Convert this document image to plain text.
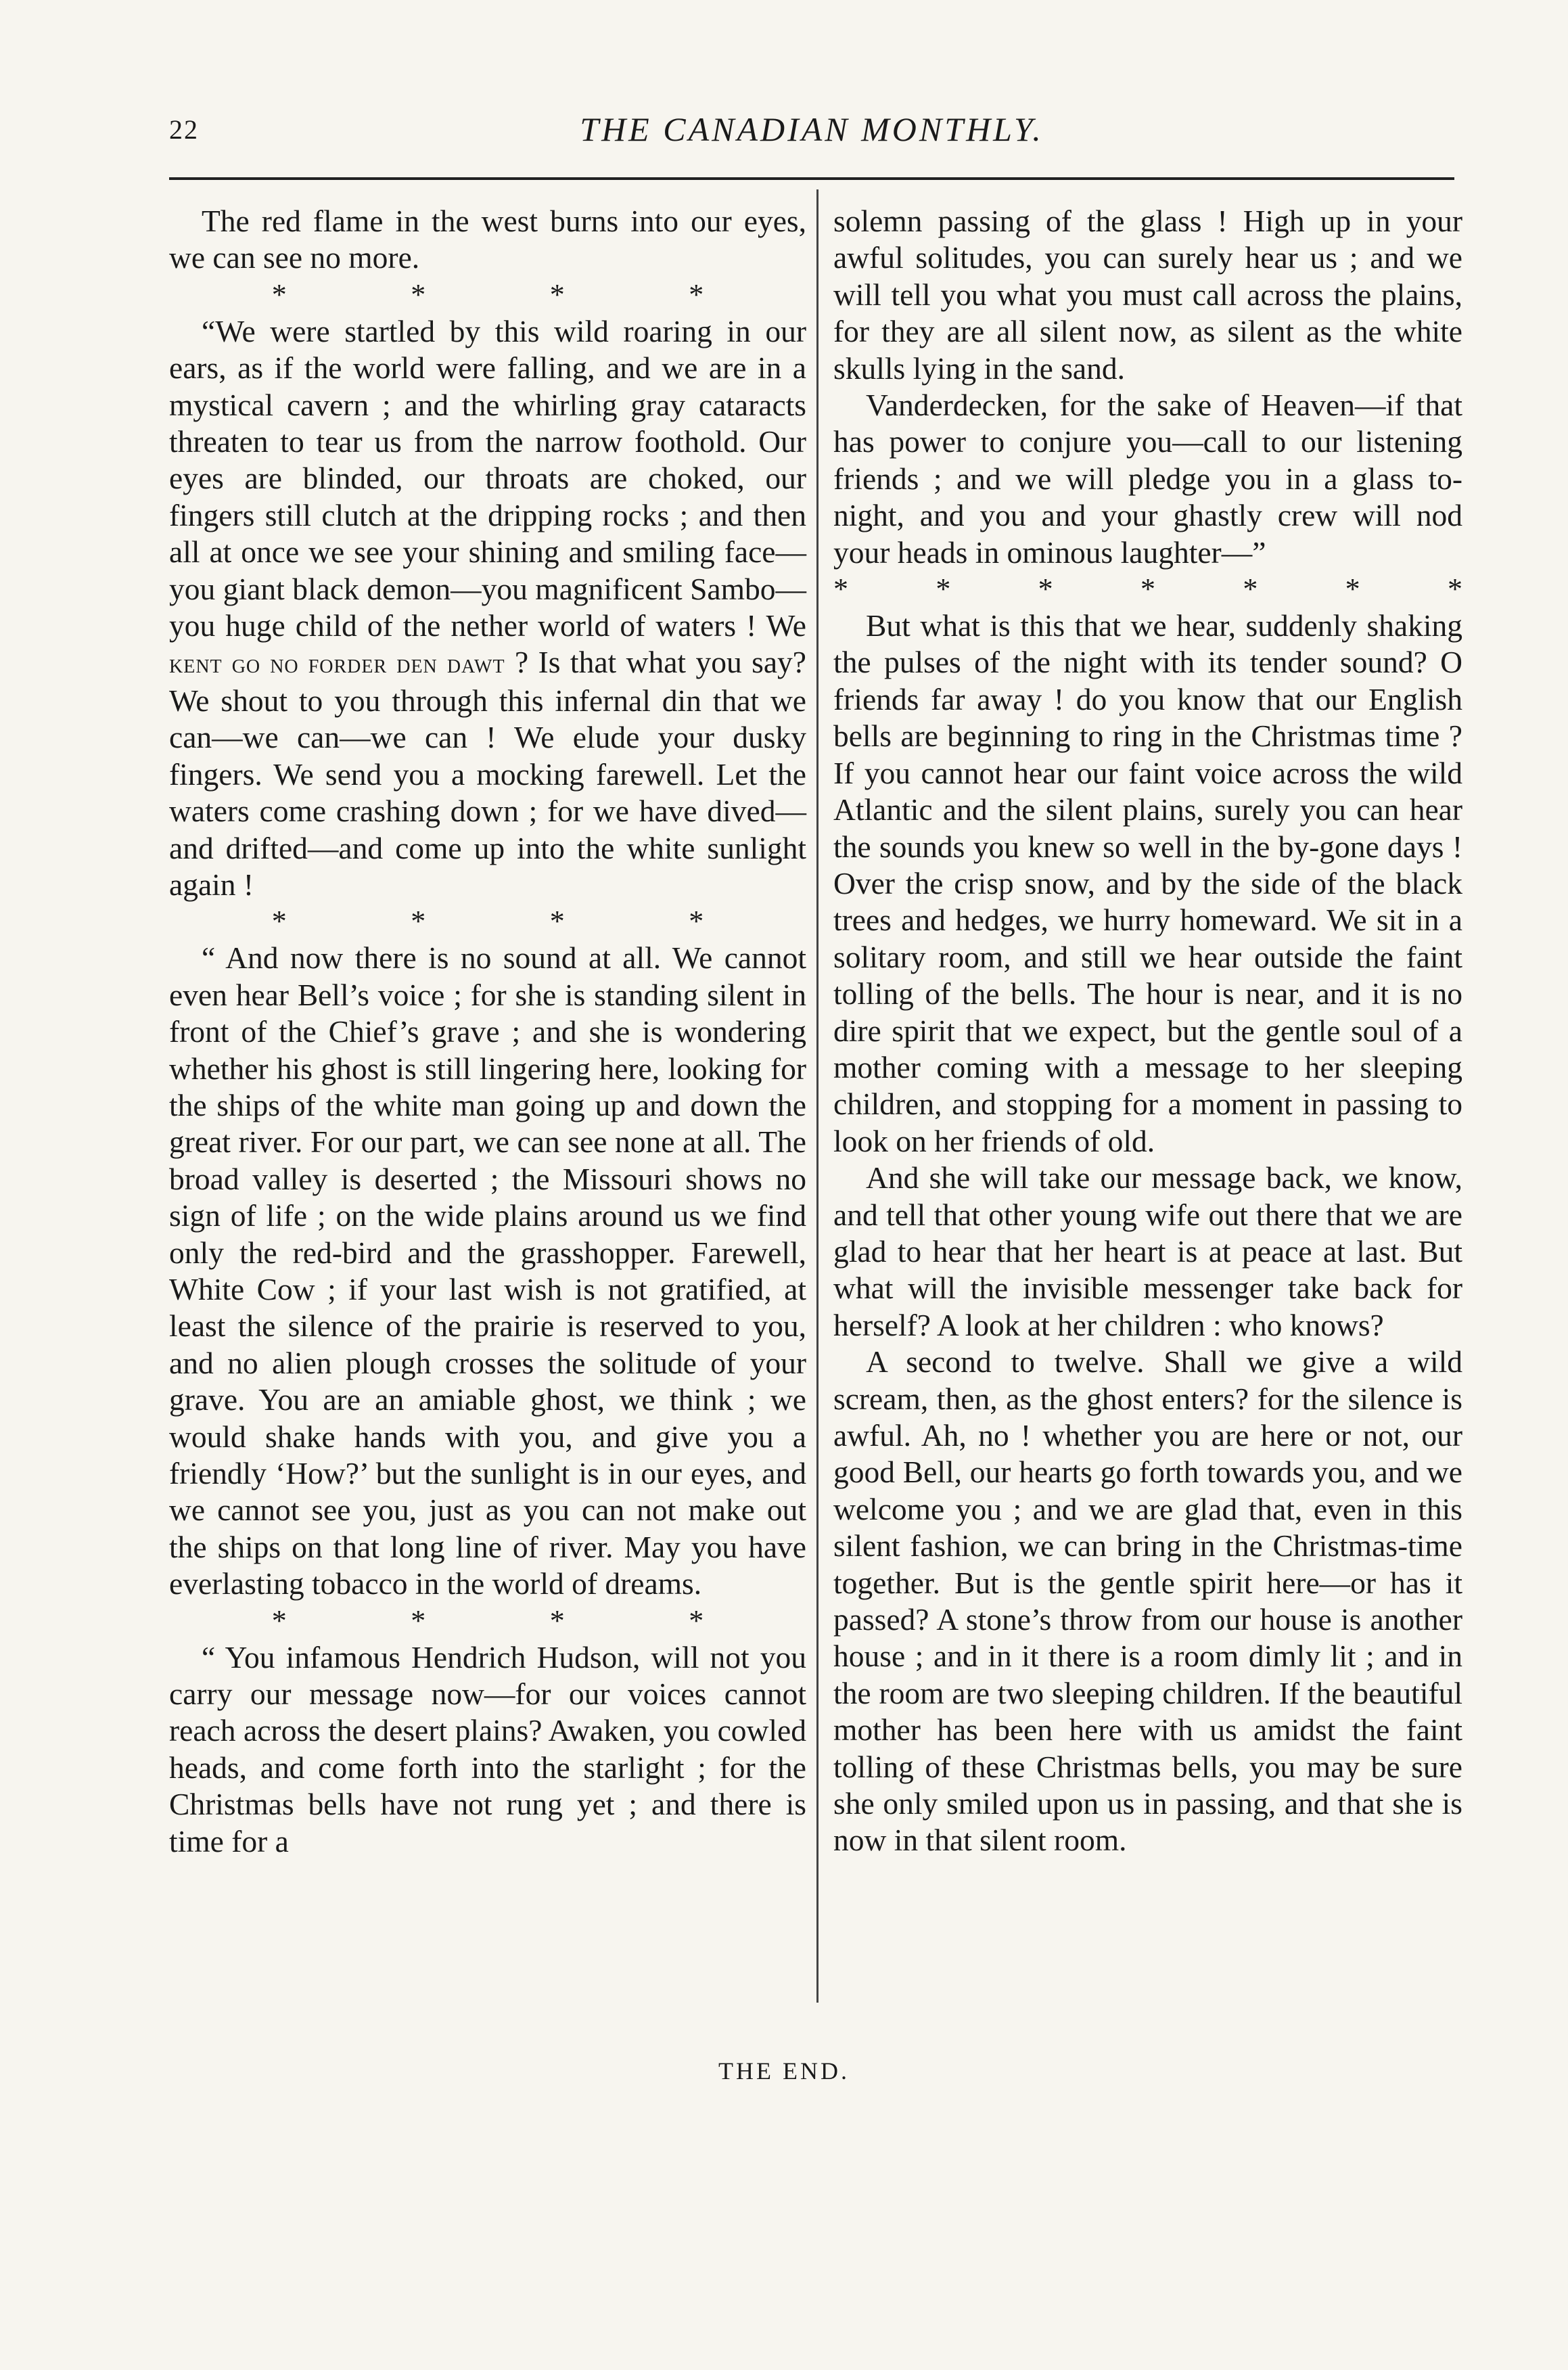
22	THE CANADIAN MONTHLY.

The red flame in the west burns into our eyes, we can see no more.

*	*	*	*

“We were startled by this wild roaring in our ears, as if the world were falling, and we are in a mystical cavern ; and the whirling gray cataracts threaten to tear us from the narrow foothold. Our eyes are blinded, our throats are choked, our fingers still clutch at the dripping rocks ; and then all at once we see your shining and smiling face—you giant black demon—you magnificent Sambo—you huge child of the nether world of waters ! We kent go no forder den dawt ? Is that what you say? We shout to you through this infernal din that we can—we can—we can ! We elude your dusky fingers. We send you a mocking farewell. Let the waters come crashing down ; for we have dived—and drifted—and come up into the white sunlight again !

*	*	*	*

“ And now there is no sound at all. We cannot even hear Bell’s voice ; for she is standing silent in front of the Chief’s grave ; and she is wondering whether his ghost is still lingering here, looking for the ships of the white man going up and down the great river. For our part, we can see none at all. The broad valley is deserted ; the Missouri shows no sign of life ; on the wide plains around us we find only the red-bird and the grasshopper. Farewell, White Cow ; if your last wish is not gratified, at least the silence of the prairie is reserved to you, and no alien plough crosses the solitude of your grave. You are an amiable ghost, we think ; we would shake hands with you, and give you a friendly ‘How?’ but the sunlight is in our eyes, and we cannot see you, just as you can not make out the ships on that long line of river. May you have everlasting tobacco in the world of dreams.

*	*	*	*

“ You infamous Hendrich Hudson, will not you carry our message now—for our voices cannot reach across the desert plains? Awaken, you cowled heads, and come forth into the starlight ; for the Christmas bells have not rung yet ; and there is time for a

solemn passing of the glass ! High up in your awful solitudes, you can surely hear us ; and we will tell you what you must call across the plains, for they are all silent now, as silent as the white skulls lying in the sand.

Vanderdecken, for the sake of Heaven—if that has power to conjure you—call to our listening friends ; and we will pledge you in a glass to-night, and you and your ghastly crew will nod your heads in ominous laughter—”

*	*	*	*	*	*	*

But what is this that we hear, suddenly shaking the pulses of the night with its tender sound? O friends far away ! do you know that our English bells are beginning to ring in the Christmas time ? If you cannot hear our faint voice across the wild Atlantic and the silent plains, surely you can hear the sounds you knew so well in the by-gone days ! Over the crisp snow, and by the side of the black trees and hedges, we hurry homeward. We sit in a solitary room, and still we hear outside the faint tolling of the bells. The hour is near, and it is no dire spirit that we expect, but the gentle soul of a mother coming with a message to her sleeping children, and stopping for a moment in passing to look on her friends of old.

And she will take our message back, we know, and tell that other young wife out there that we are glad to hear that her heart is at peace at last. But what will the invisible messenger take back for herself? A look at her children : who knows?

A second to twelve. Shall we give a wild scream, then, as the ghost enters? for the silence is awful. Ah, no ! whether you are here or not, our good Bell, our hearts go forth towards you, and we welcome you ; and we are glad that, even in this silent fashion, we can bring in the Christmas-time together. But is the gentle spirit here—or has it passed? A stone’s throw from our house is another house ; and in it there is a room dimly lit ; and in the room are two sleeping children. If the beautiful mother has been here with us amidst the faint tolling of these Christmas bells, you may be sure she only smiled upon us in passing, and that she is now in that silent room.

THE END.
